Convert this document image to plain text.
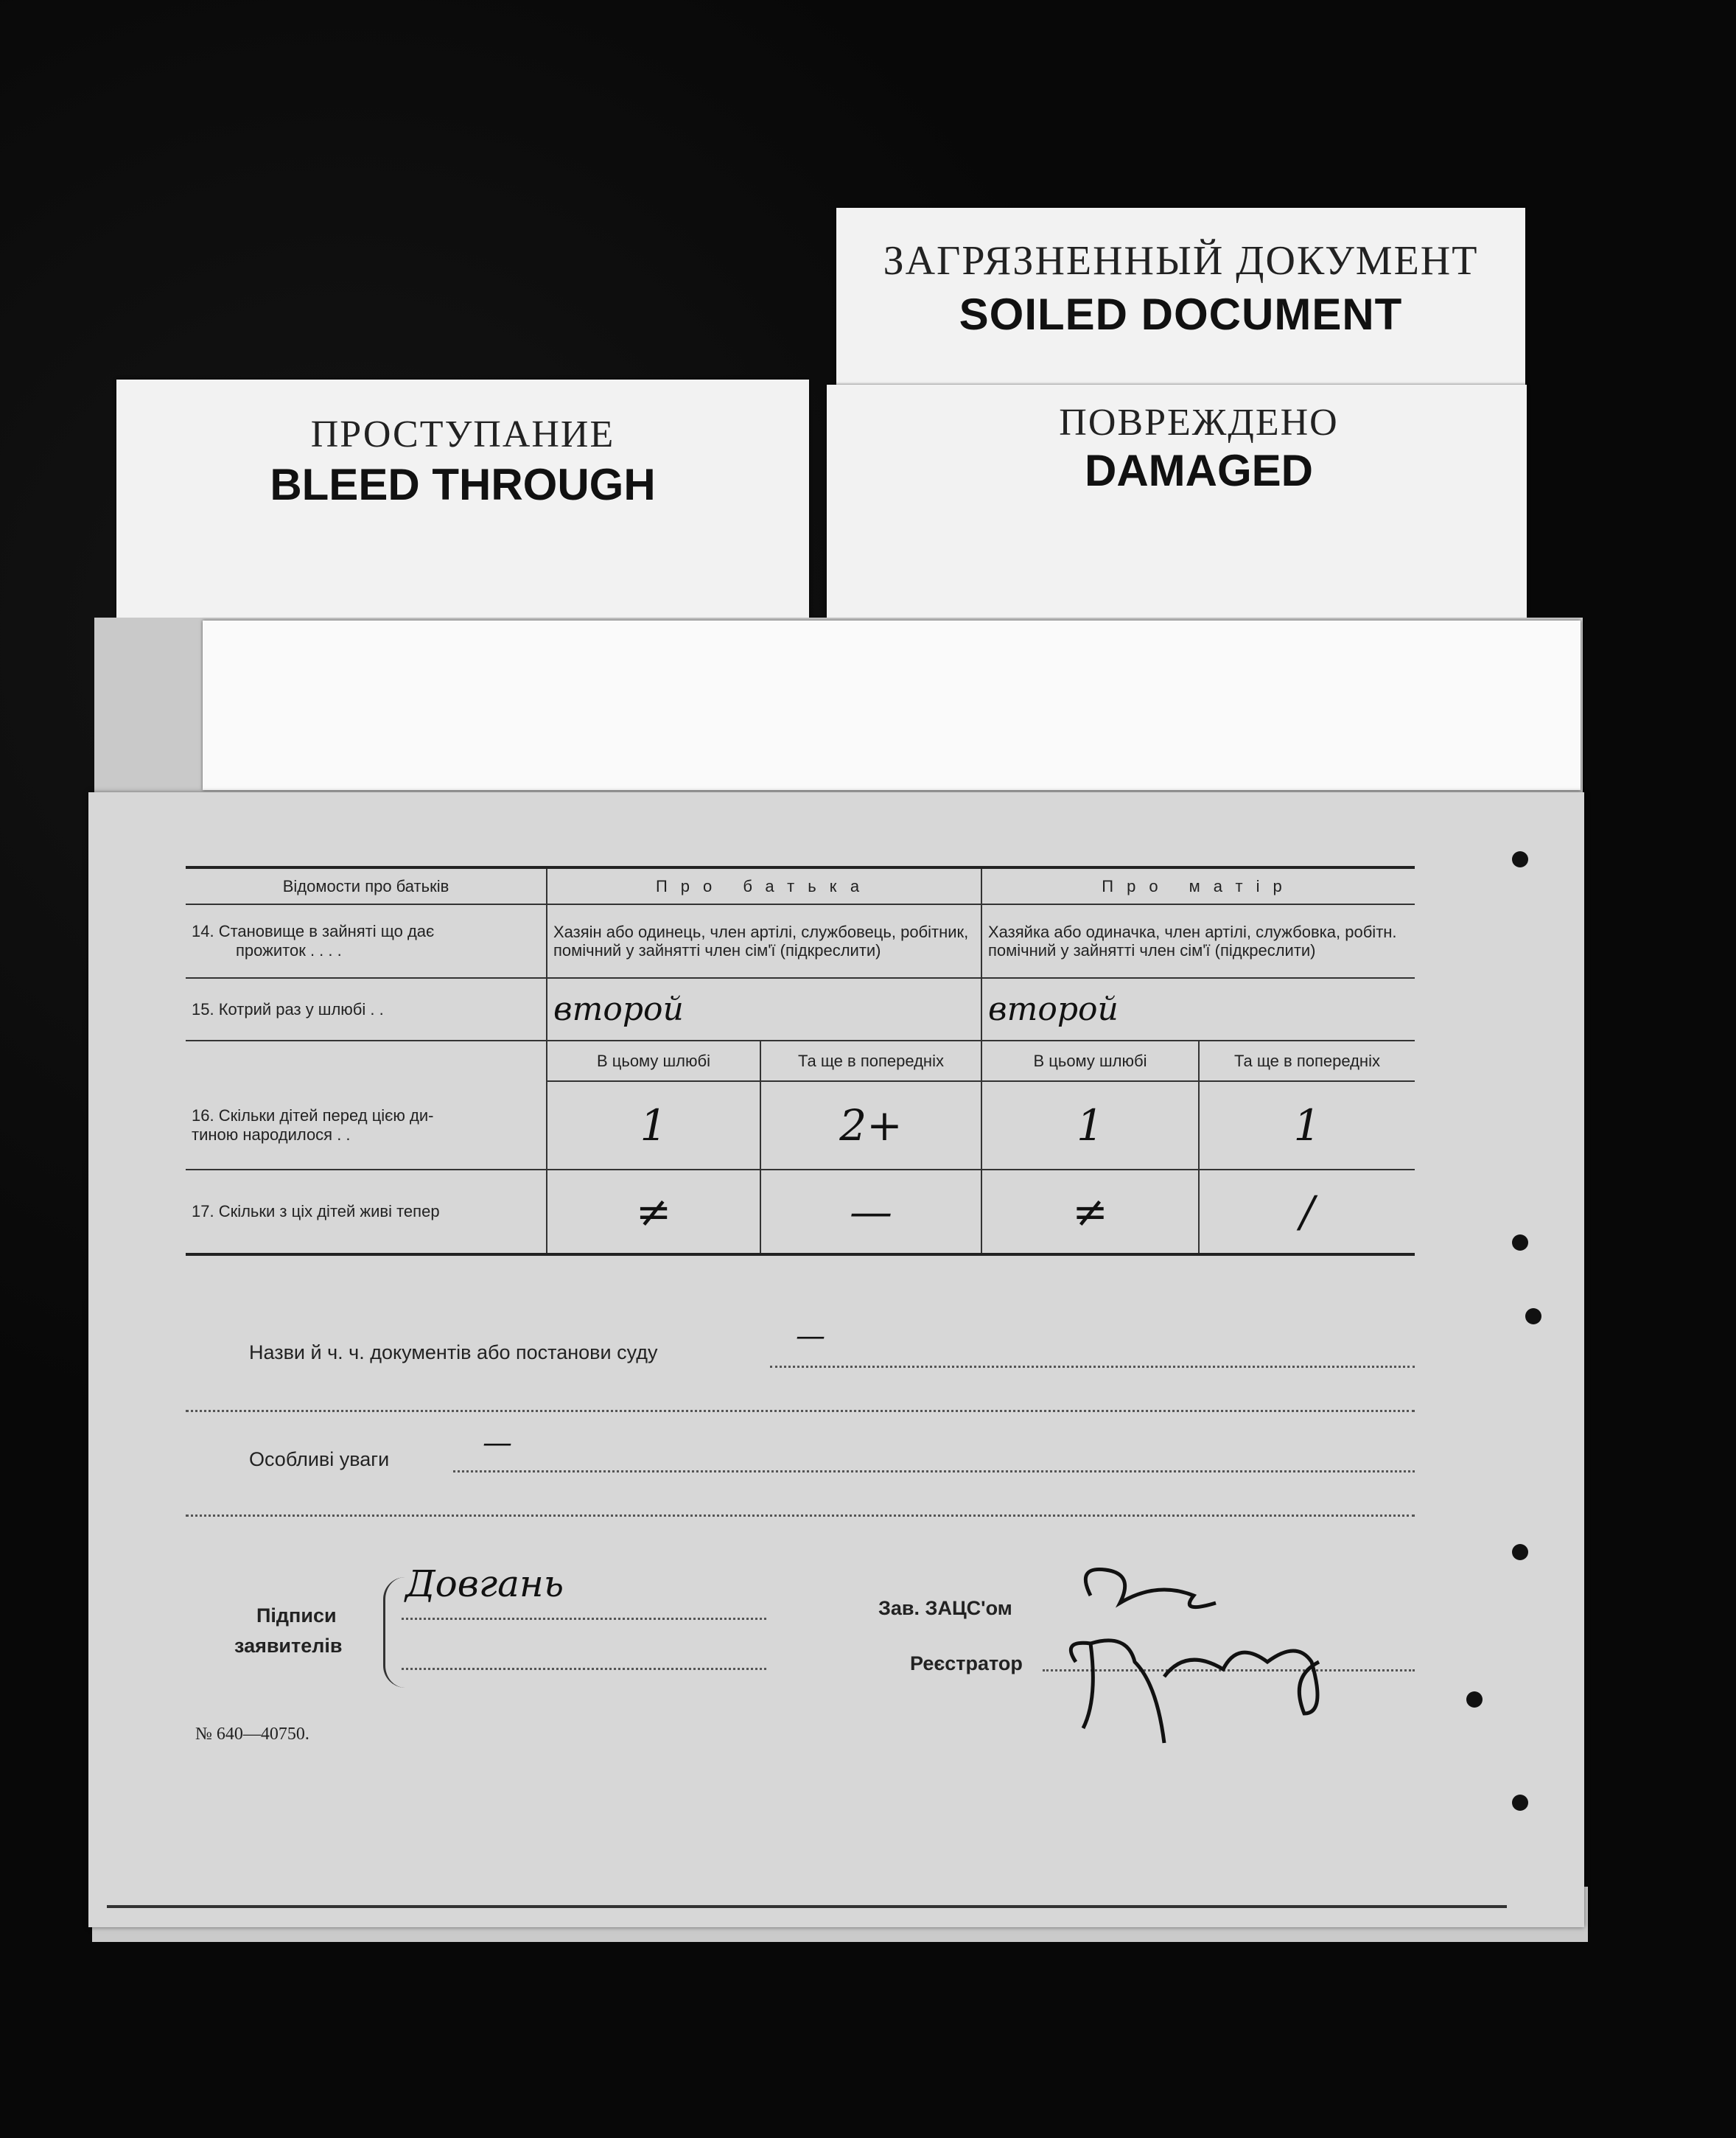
ЗАГРЯЗНЕННЫЙ ДОКУМЕНТ
SOILED DOCUMENT
ПРОСТУПАНИЕ
BLEED THROUGH
ПОВРЕЖДЕНО
DAMAGED
Відомости про батьків	Про батька		Про матір	

14. Становище в зайняті що дає
прожиток . . . .	Хазяін або одинець, член артілі, службовець, робітник, помічний у зайнятті член сім'ї (підкреслити)		Хазяйка або одиначка, член артілі, службовка, робітн. помічний у зайнятті член сім'ї (підкреслити)	
15. Котрий раз у шлюбі . .	второй		второй	
	В цьому шлюбі	Та ще в попередніх	В цьому шлюбі	Та ще в попередніх

16. Скільки дітей перед цією ди-
тиною народилося . .	1	2+	1	1
17. Скільки з ціх дітей живі тепер	≠	—	≠	/
Назви й ч. ч. документів або постанови суду	—
Особливі уваги	—
Підписи
заявителів
Довгань
Зав. ЗАЦС'ом
Реєстратор
№ 640—40750.
